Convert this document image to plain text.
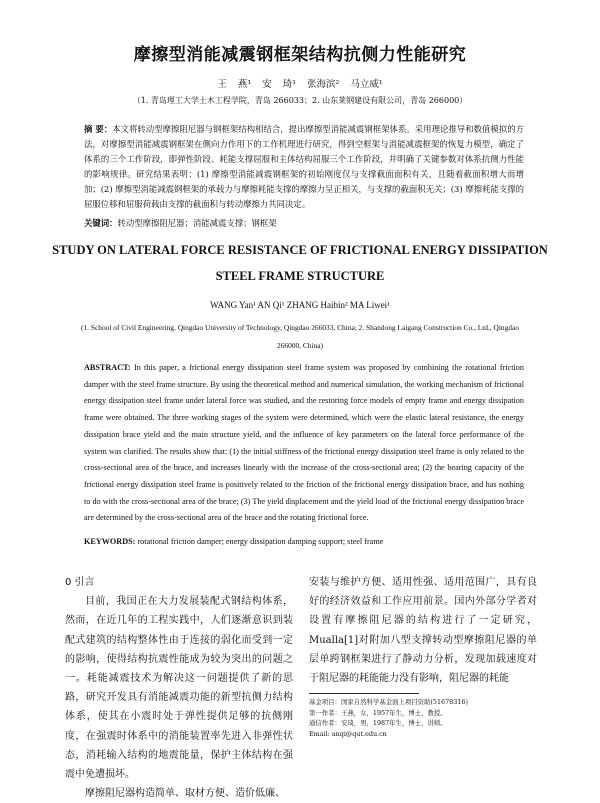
摩擦型消能减震钢框架结构抗侧力性能研究
王 燕¹ 安 琦¹ 张海滨² 马立威¹
（1. 青岛理工大学土木工程学院，青岛 266033；2. 山东莱钢建设有限公司，青岛 266000）
摘 要：本文将转动型摩擦阻尼器与钢框架结构相结合，提出摩擦型消能减震钢框架体系。采用理论推导和数值模拟的方法，对摩擦型消能减震钢框架在侧向力作用下的工作机理进行研究，得到空框架与消能减震框架的恢复力模型，确定了体系的三个工作阶段，即弹性阶段、耗能支撑屈服和主体结构屈服三个工作阶段，并明确了关键参数对体系抗侧力性能的影响规律。研究结果表明：(1) 摩擦型消能减震钢框架的初始刚度仅与支撑截面面积有关，且随着截面积增大而增加；(2) 摩擦型消能减震钢框架的承载力与摩擦耗能支撑的摩擦力呈正相关，与支撑的截面积无关；(3) 摩擦耗能支撑的屈服位移和屈服荷载由支撑的截面积与转动摩擦力共同决定。
关键词：转动型摩擦阻尼器；消能减震支撑；钢框架
STUDY ON LATERAL FORCE RESISTANCE OF FRICTIONAL ENERGY DISSIPATION
STEEL FRAME STRUCTURE
WANG Yan¹ AN Qi¹ ZHANG Haibin² MA Liwei¹
(1. School of Civil Engineering, Qingdao University of Technology, Qingdao 266033, China; 2. Shandong Laigang Construction Co., Ltd., Qingdao 266000, China)
ABSTRACT: In this paper, a frictional energy dissipation steel frame system was proposed by combining the rotational friction damper with the steel frame structure. By using the theoretical method and numerical simulation, the working mechanism of frictional energy dissipation steel frame under lateral force was studied, and the restoring force models of empty frame and energy dissipation frame were obtained. The three working stages of the system were determined, which were the elastic lateral resistance, the energy dissipation brace yield and the main structure yield, and the influence of key parameters on the lateral force performance of the system was clarified. The results show that: (1) the initial stiffness of the frictional energy dissipation steel frame is only related to the cross-sectional area of the brace, and increases linearly with the increase of the cross-sectional area; (2) the bearing capacity of the frictional energy dissipation steel frame is positively related to the friction of the frictional energy dissipation brace, and has nothing to do with the cross-sectional area of the brace; (3) The yield displacement and the yield load of the frictional energy dissipation brace are determined by the cross-sectional area of the brace and the rotating frictional force.
KEYWORDS: rotational friction damper; energy dissipation damping support; steel frame
0 引言
目前，我国正在大力发展装配式钢结构体系，然而，在近几年的工程实践中，人们逐渐意识到装配式建筑的结构整体性由于连接的弱化而受到一定的影响，使得结构抗震性能成为较为突出的问题之一。耗能减震技术为解决这一问题提供了新的思路，研究开发具有消能减震功能的新型抗侧力结构体系，使其在小震时处于弹性提供足够的抗侧刚度，在强震时体系中的消能装置率先进入非弹性状态，消耗输入结构的地震能量，保护主体结构在强震中免遭损坏。
摩擦阻尼器构造简单、取材方便、造价低廉、
安装与维护方便、适用性强、适用范围广，具有良好的经济效益和工作应用前景。国内外部分学者对设置有摩擦阻尼器的结构进行了一定研究，Mualla[1]对附加八型支撑转动型摩擦阻尼器的单层单跨钢框架进行了静动力分析，发现加载速度对于阻尼器的耗能能力没有影响，阻尼器的耗能
基金项目：国家自然科学基金面上项目资助(51678316)
第一作者：王燕，女，1957年生，博士，教授。
通信作者：安琦，男，1987年生，博士，讲师。
Email: anqi@qut.edu.cn
